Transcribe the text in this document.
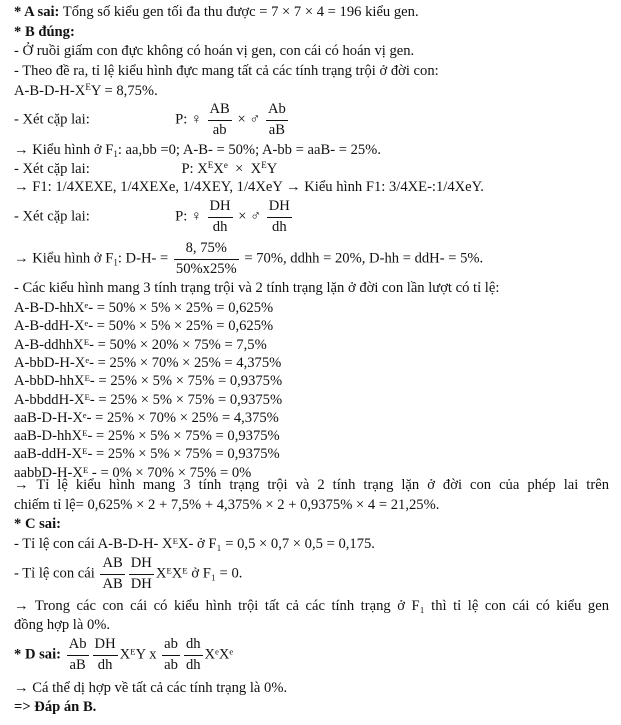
* A sai: Tổng số kiểu gen tối đa thu được = 7 × 7 × 4 = 196 kiểu gen.
* B đúng:
- Ở ruồi giấm con đực không có hoán vị gen, con cái có hoán vị gen.
- Theo đề ra, tỉ lệ kiểu hình đực mang tất cả các tính trạng trội ở đời con:
$A-B-D-H-X^EY = 8,75\%$.
- Xét cặp lai:	P: ♀ $\frac{AB}{ab}$ × ♂ $\frac{Ab}{aB}$
→ Kiểu hình ở $F_1$: aa,bb =0; A-B- = 50%; A-bb = aaB- = 25%.
- Xét cặp lai:	P: $X^EX^e \times X^EY$
→ F1: 1/4XEXE, 1/4XEXe, 1/4XEY, 1/4XeY → Kiểu hình F1: 3/4XE-:1/4XeY.
- Xét cặp lai:	P: ♀ $\frac{DH}{dh}$ × ♂ $\frac{DH}{dh}$
→ Kiểu hình ở $F_1$: $D-H- = \frac{8, 75\%}{50\%x25\%} = 70\%$, ddhh = 20%, D-hh = ddH- = 5%.
- Các kiểu hình mang 3 tính trạng trội và 2 tính trạng lặn ở đời con lần lượt có tỉ lệ:
A-B-D-hhXᵉ- = 50% × 5% × 25% = 0,625%
A-B-ddH-Xᵉ- = 50% × 5% × 25% = 0,625%
A-B-ddhhXᴱ- = 50% × 20% × 75% = 7,5%
A-bbD-H-Xᵉ- = 25% × 70% × 25% = 4,375%
A-bbD-hhXᴱ- = 25% × 5% × 75% = 0,9375%
A-bbddH-Xᴱ- = 25% × 5% × 75% = 0,9375%
aaB-D-H-Xᵉ- = 25% × 70% × 25% = 4,375%
aaB-D-hhXᴱ- = 25% × 5% × 75% = 0,9375%
aaB-ddH-Xᴱ- = 25% × 5% × 75% = 0,9375%
aabbD-H-Xᴱ - = 0% × 70% × 75% = 0%
→ Tỉ lệ kiểu hình mang 3 tính trạng trội và 2 tính trạng lặn ở đời con của phép lai trên
chiếm tỉ lệ= 0,625% × 2 + 7,5% + 4,375% × 2 + 0,9375% × 4 = 21,25%.
* C sai:
- Tỉ lệ con cái A-B-D-H- XᴱX- ở F₁ = 0,5 × 0,7 × 0,5 = 0,175.
- Tỉ lệ con cái $\frac{AB}{AB} \frac{DH}{DH}$ XᴱXᴱ ở F₁ = 0.
→ Trong các con cái có kiểu hình trội tất cả các tính trạng ở F₁ thì tỉ lệ con cái có kiểu gen
đồng hợp là 0%.
* D sai: $\frac{Ab}{aB} \frac{DH}{dh}$ XᴱY x $\frac{ab}{ab} \frac{dh}{dh}$ XᵉXᵉ
→ Cá thể dị hợp về tất cả các tính trạng là 0%.
=> Đáp án B.
